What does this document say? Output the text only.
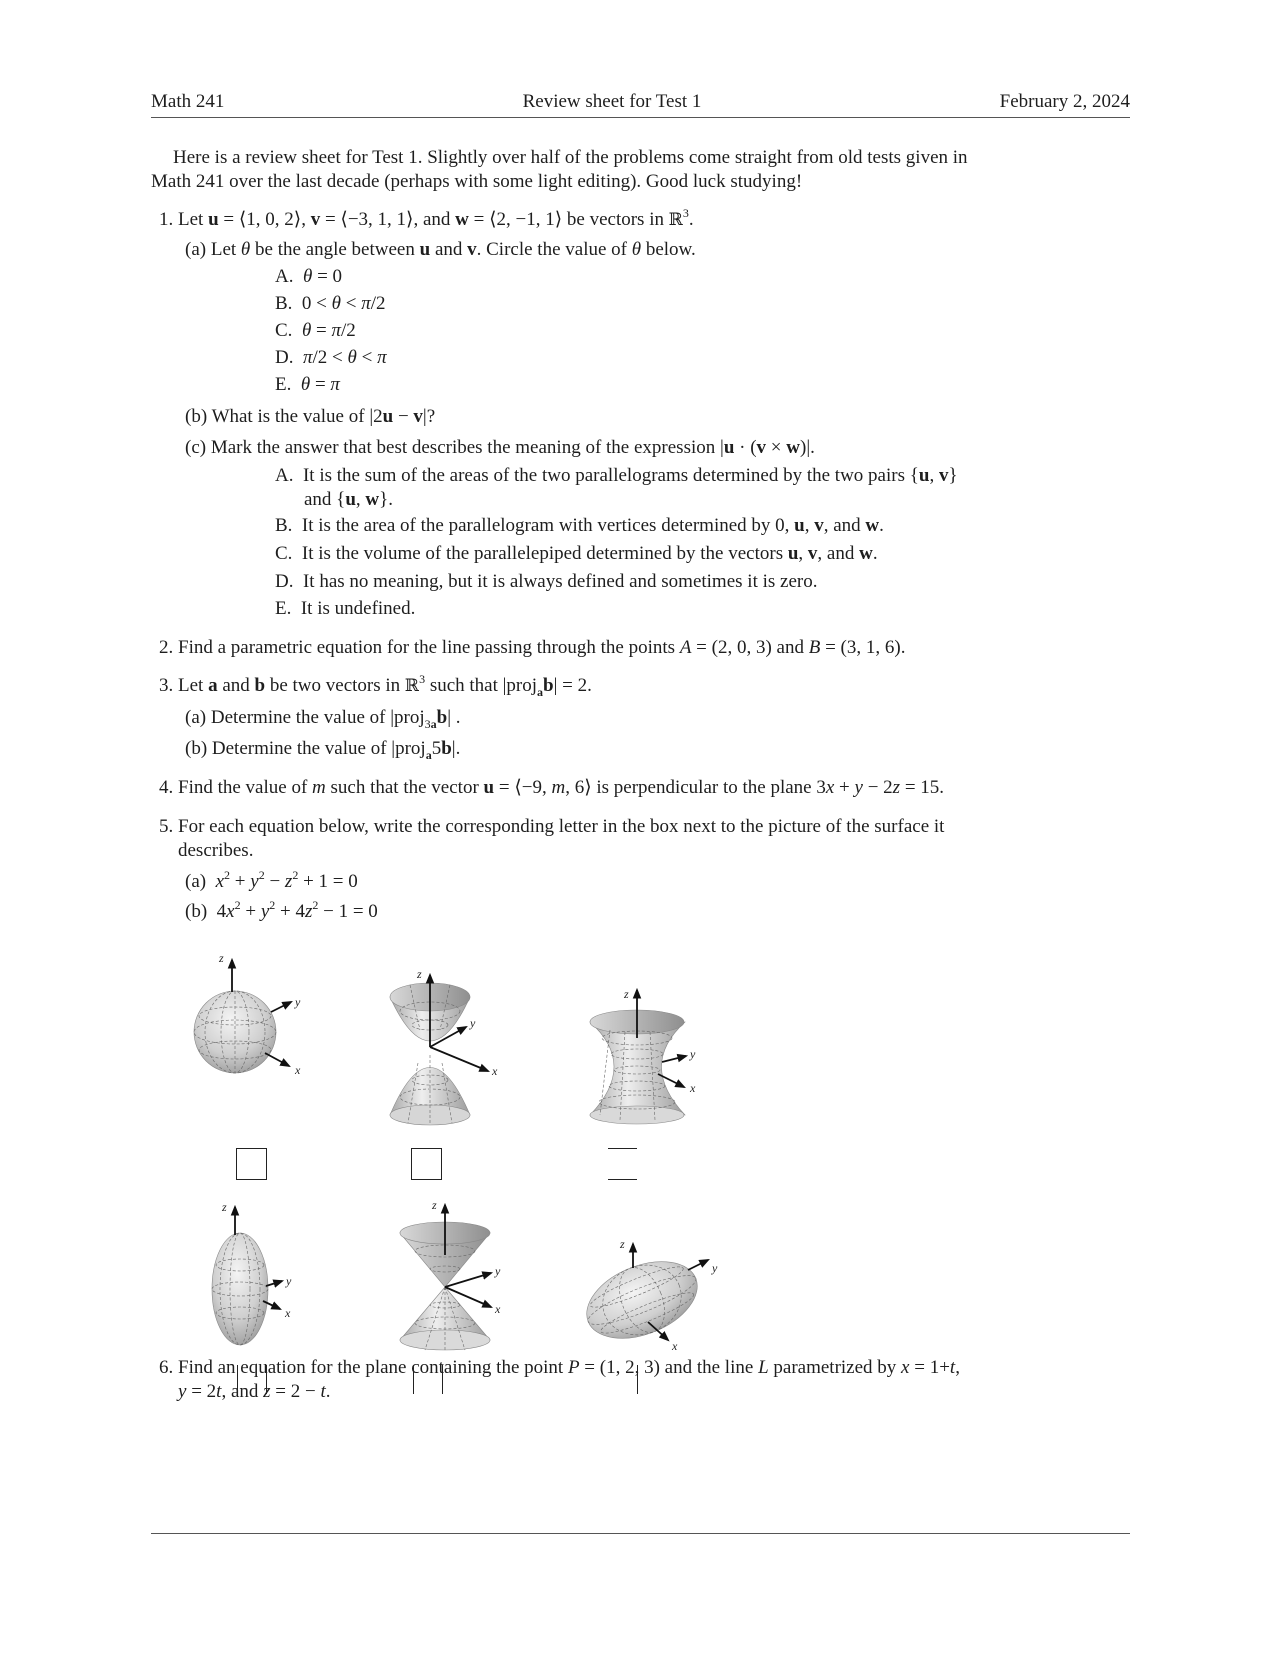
Math 241	Review sheet for Test 1	February 2, 2024
Here is a review sheet for Test 1. Slightly over half of the problems come straight from old tests given in
Math 241 over the last decade (perhaps with some light editing). Good luck studying!
1. Let u = ⟨1, 0, 2⟩, v = ⟨−3, 1, 1⟩, and w = ⟨2, −1, 1⟩ be vectors in ℝ$^3$.
(a) Let θ be the angle between u and v. Circle the value of θ below.
A.  θ = 0
B.  0 < θ < π/2
C.  θ = π/2
D.  π/2 < θ < π
E.  θ = π
(b) What is the value of |2u − v|?
(c) Mark the answer that best describes the meaning of the expression |u · (v × w)|.
A.  It is the sum of the areas of the two parallelograms determined by the two pairs {u, v}
and {u, w}.
B.  It is the area of the parallelogram with vertices determined by 0, u, v, and w.
C.  It is the volume of the parallelepiped determined by the vectors u, v, and w.
D.  It has no meaning, but it is always defined and sometimes it is zero.
E.  It is undefined.
2. Find a parametric equation for the line passing through the points A = (2, 0, 3) and B = (3, 1, 6).
3. Let a and b be two vectors in ℝ$^3$ such that |proj$_a$b| = 2.
(a) Determine the value of |proj$_{3a}$b| .
(b) Determine the value of |proj$_a$5b|.
4. Find the value of m such that the vector u = ⟨−9, m, 6⟩ is perpendicular to the plane 3x + y − 2z = 15.
5. For each equation below, write the corresponding letter in the box next to the picture of the surface it
describes.
(a) $x^2 + y^2 - z^2 + 1 = 0$
(b)  $4x^2 + y^2 + 4z^2 - 1 = 0$
6. Find an equation for the plane containing the point P = (1, 2, 3) and the line L parametrized by x = 1+t,
y = 2t, and z = 2 − t.
z
y
x
z
y
x
z
y
x
z
y
x
z
y
x
z
y
x
